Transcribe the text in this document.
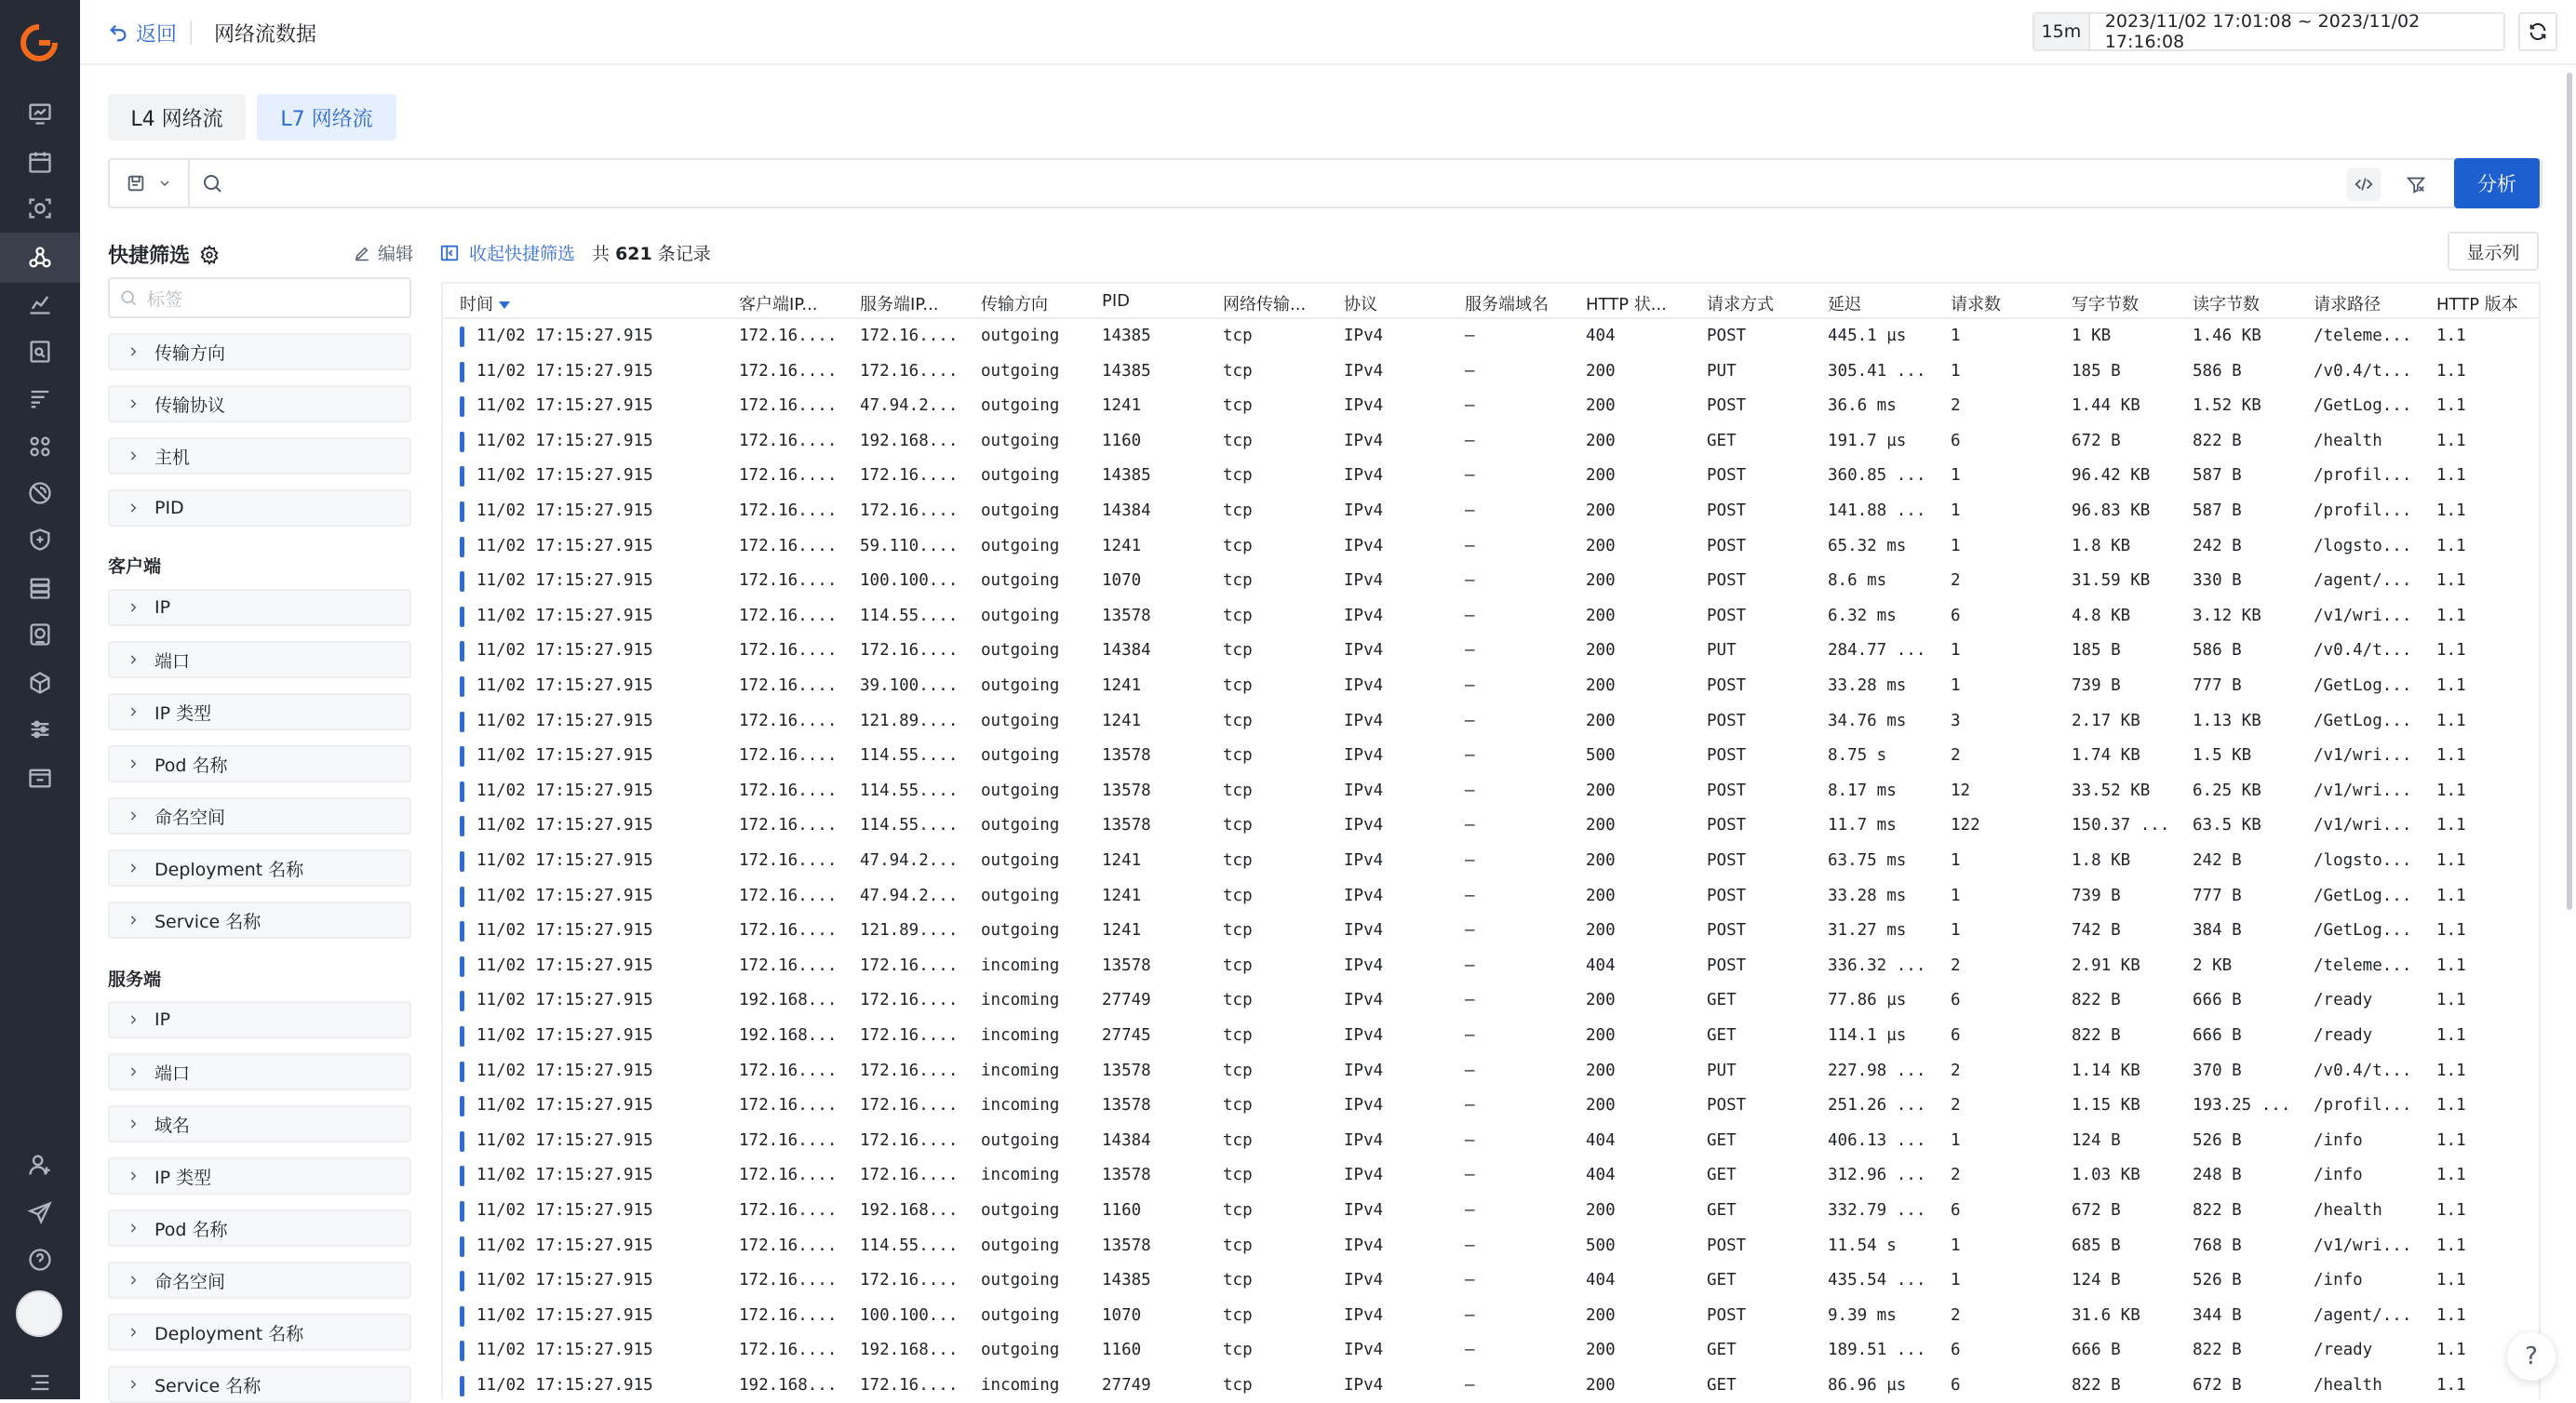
返回 网络流数据	15m	2023/11/02 17:01:08 ~ 2023/11/02 17:16:08
L4 网络流	L7 网络流
分析
快捷筛选	编辑
标签
传输方向
传输协议
主机
PID
客户端
IP
端口
IP 类型
Pod 名称
命名空间
Deployment 名称
Service 名称
服务端
IP
端口
域名
IP 类型
Pod 名称
命名空间
Deployment 名称
Service 名称
收起快捷筛选 共 621 条记录	显示列
时间	客户端IP...	服务端IP...	传输方向	PID	网络传输... 协议	服务端域名 HTTP 状... 请求方式	延迟	请求数	写字节数	读字节数	请求路径	HTTP 版本
11/02 17:15:27.915	172.16.... 172.16.... outgoing	14385	tcp	IPv4	–	404	POST	445.1 µs	1	1 KB	1.46 KB	/teleme... 1.1
11/02 17:15:27.915	172.16.... 172.16.... outgoing	14385	tcp	IPv4	–	200	PUT	305.41 ... 1	185 B	586 B	/v0.4/t... 1.1
11/02 17:15:27.915	172.16.... 47.94.2... outgoing	1241	tcp	IPv4	–	200	POST	36.6 ms	2	1.44 KB	1.52 KB	/GetLog... 1.1
11/02 17:15:27.915	172.16.... 192.168... outgoing	1160	tcp	IPv4	–	200	GET	191.7 µs	6	672 B	822 B	/health	1.1
11/02 17:15:27.915	172.16.... 172.16.... outgoing	14385	tcp	IPv4	–	200	POST	360.85 ... 1	96.42 KB	587 B	/profil... 1.1
11/02 17:15:27.915	172.16.... 172.16.... outgoing	14384	tcp	IPv4	–	200	POST	141.88 ... 1	96.83 KB	587 B	/profil... 1.1
11/02 17:15:27.915	172.16.... 59.110.... outgoing	1241	tcp	IPv4	–	200	POST	65.32 ms	1	1.8 KB	242 B	/logsto... 1.1
11/02 17:15:27.915	172.16.... 100.100... outgoing	1070	tcp	IPv4	–	200	POST	8.6 ms	2	31.59 KB	330 B	/agent/... 1.1
11/02 17:15:27.915	172.16.... 114.55.... outgoing	13578	tcp	IPv4	–	200	POST	6.32 ms	6	4.8 KB	3.12 KB	/v1/wri... 1.1
11/02 17:15:27.915	172.16.... 172.16.... outgoing	14384	tcp	IPv4	–	200	PUT	284.77 ... 1	185 B	586 B	/v0.4/t... 1.1
11/02 17:15:27.915	172.16.... 39.100.... outgoing	1241	tcp	IPv4	–	200	POST	33.28 ms	1	739 B	777 B	/GetLog... 1.1
11/02 17:15:27.915	172.16.... 121.89.... outgoing	1241	tcp	IPv4	–	200	POST	34.76 ms	3	2.17 KB	1.13 KB	/GetLog... 1.1
11/02 17:15:27.915	172.16.... 114.55.... outgoing	13578	tcp	IPv4	–	500	POST	8.75 s	2	1.74 KB	1.5 KB	/v1/wri... 1.1
11/02 17:15:27.915	172.16.... 114.55.... outgoing	13578	tcp	IPv4	–	200	POST	8.17 ms	12	33.52 KB	6.25 KB	/v1/wri... 1.1
11/02 17:15:27.915	172.16.... 114.55.... outgoing	13578	tcp	IPv4	–	200	POST	11.7 ms	122	150.37 ... 63.5 KB	/v1/wri... 1.1
11/02 17:15:27.915	172.16.... 47.94.2... outgoing	1241	tcp	IPv4	–	200	POST	63.75 ms	1	1.8 KB	242 B	/logsto... 1.1
11/02 17:15:27.915	172.16.... 47.94.2... outgoing	1241	tcp	IPv4	–	200	POST	33.28 ms	1	739 B	777 B	/GetLog... 1.1
11/02 17:15:27.915	172.16.... 121.89.... outgoing	1241	tcp	IPv4	–	200	POST	31.27 ms	1	742 B	384 B	/GetLog... 1.1
11/02 17:15:27.915	172.16.... 172.16.... incoming	13578	tcp	IPv4	–	404	POST	336.32 ... 2	2.91 KB	2 KB	/teleme... 1.1
11/02 17:15:27.915	192.168... 172.16.... incoming	27749	tcp	IPv4	–	200	GET	77.86 µs	6	822 B	666 B	/ready	1.1
11/02 17:15:27.915	192.168... 172.16.... incoming	27745	tcp	IPv4	–	200	GET	114.1 µs	6	822 B	666 B	/ready	1.1
11/02 17:15:27.915	172.16.... 172.16.... incoming	13578	tcp	IPv4	–	200	PUT	227.98 ... 2	1.14 KB	370 B	/v0.4/t... 1.1
11/02 17:15:27.915	172.16.... 172.16.... incoming	13578	tcp	IPv4	–	200	POST	251.26 ... 2	1.15 KB	193.25 ... /profil... 1.1
11/02 17:15:27.915	172.16.... 172.16.... outgoing	14384	tcp	IPv4	–	404	GET	406.13 ... 1	124 B	526 B	/info	1.1
11/02 17:15:27.915	172.16.... 172.16.... incoming	13578	tcp	IPv4	–	404	GET	312.96 ... 2	1.03 KB	248 B	/info	1.1
11/02 17:15:27.915	172.16.... 192.168... outgoing	1160	tcp	IPv4	–	200	GET	332.79 ... 6	672 B	822 B	/health	1.1
11/02 17:15:27.915	172.16.... 114.55.... outgoing	13578	tcp	IPv4	–	500	POST	11.54 s	1	685 B	768 B	/v1/wri... 1.1
11/02 17:15:27.915	172.16.... 172.16.... outgoing	14385	tcp	IPv4	–	404	GET	435.54 ... 1	124 B	526 B	/info	1.1
11/02 17:15:27.915	172.16.... 100.100... outgoing	1070	tcp	IPv4	–	200	POST	9.39 ms	2	31.6 KB	344 B	/agent/... 1.1
11/02 17:15:27.915	172.16.... 192.168... outgoing	1160	tcp	IPv4	–	200	GET	189.51 ... 6	666 B	822 B	/ready	1.1
11/02 17:15:27.915	192.168... 172.16.... incoming	27749	tcp	IPv4	–	200	GET	86.96 µs	6	822 B	672 B	/health	1.1
?
